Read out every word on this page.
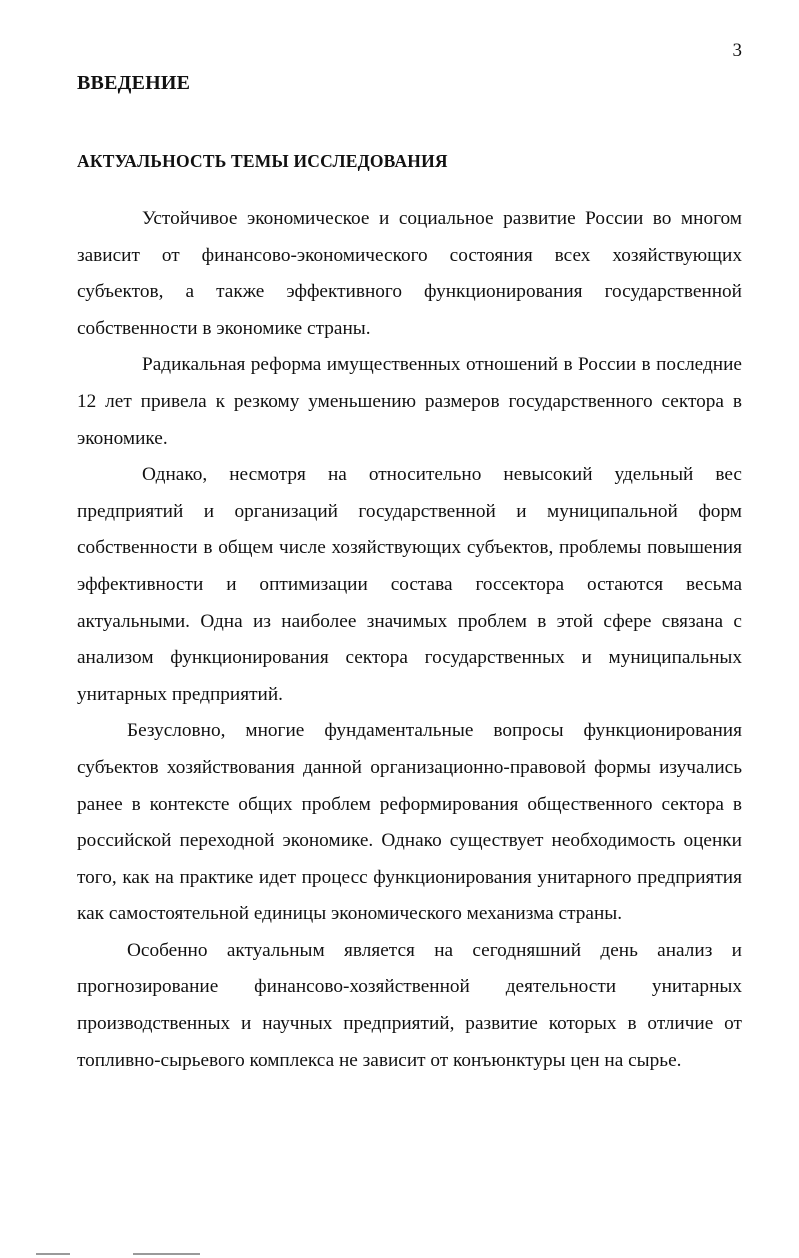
3
ВВЕДЕНИЕ
АКТУАЛЬНОСТЬ ТЕМЫ ИССЛЕДОВАНИЯ

Устойчивое экономическое и социальное развитие России во многом зависит от финансово-экономического состояния всех хозяйствующих субъектов, а также эффективного функционирования государственной собственности в экономике страны.

Радикальная реформа имущественных отношений в России в последние 12 лет привела к резкому уменьшению размеров государственного сектора в экономике.

Однако, несмотря на относительно невысокий удельный вес предприятий и организаций государственной и муниципальной форм собственности в общем числе хозяйствующих субъектов, проблемы повышения эффективности и оптимизации состава госсектора остаются весьма актуальными. Одна из наиболее значимых проблем в этой сфере связана с анализом функционирования сектора государственных и муниципальных унитарных предприятий.

Безусловно, многие фундаментальные вопросы функционирования субъектов хозяйствования данной организационно-правовой формы изучались ранее в контексте общих проблем реформирования общественного сектора в российской переходной экономике. Однако существует необходимость оценки того, как на практике идет процесс функционирования унитарного предприятия как самостоятельной единицы экономического механизма страны.

Особенно актуальным является на сегодняшний день анализ и прогнозирование финансово-хозяйственной деятельности унитарных производственных и научных предприятий, развитие которых в отличие от топливно-сырьевого комплекса не зависит от конъюнктуры цен на сырье.
